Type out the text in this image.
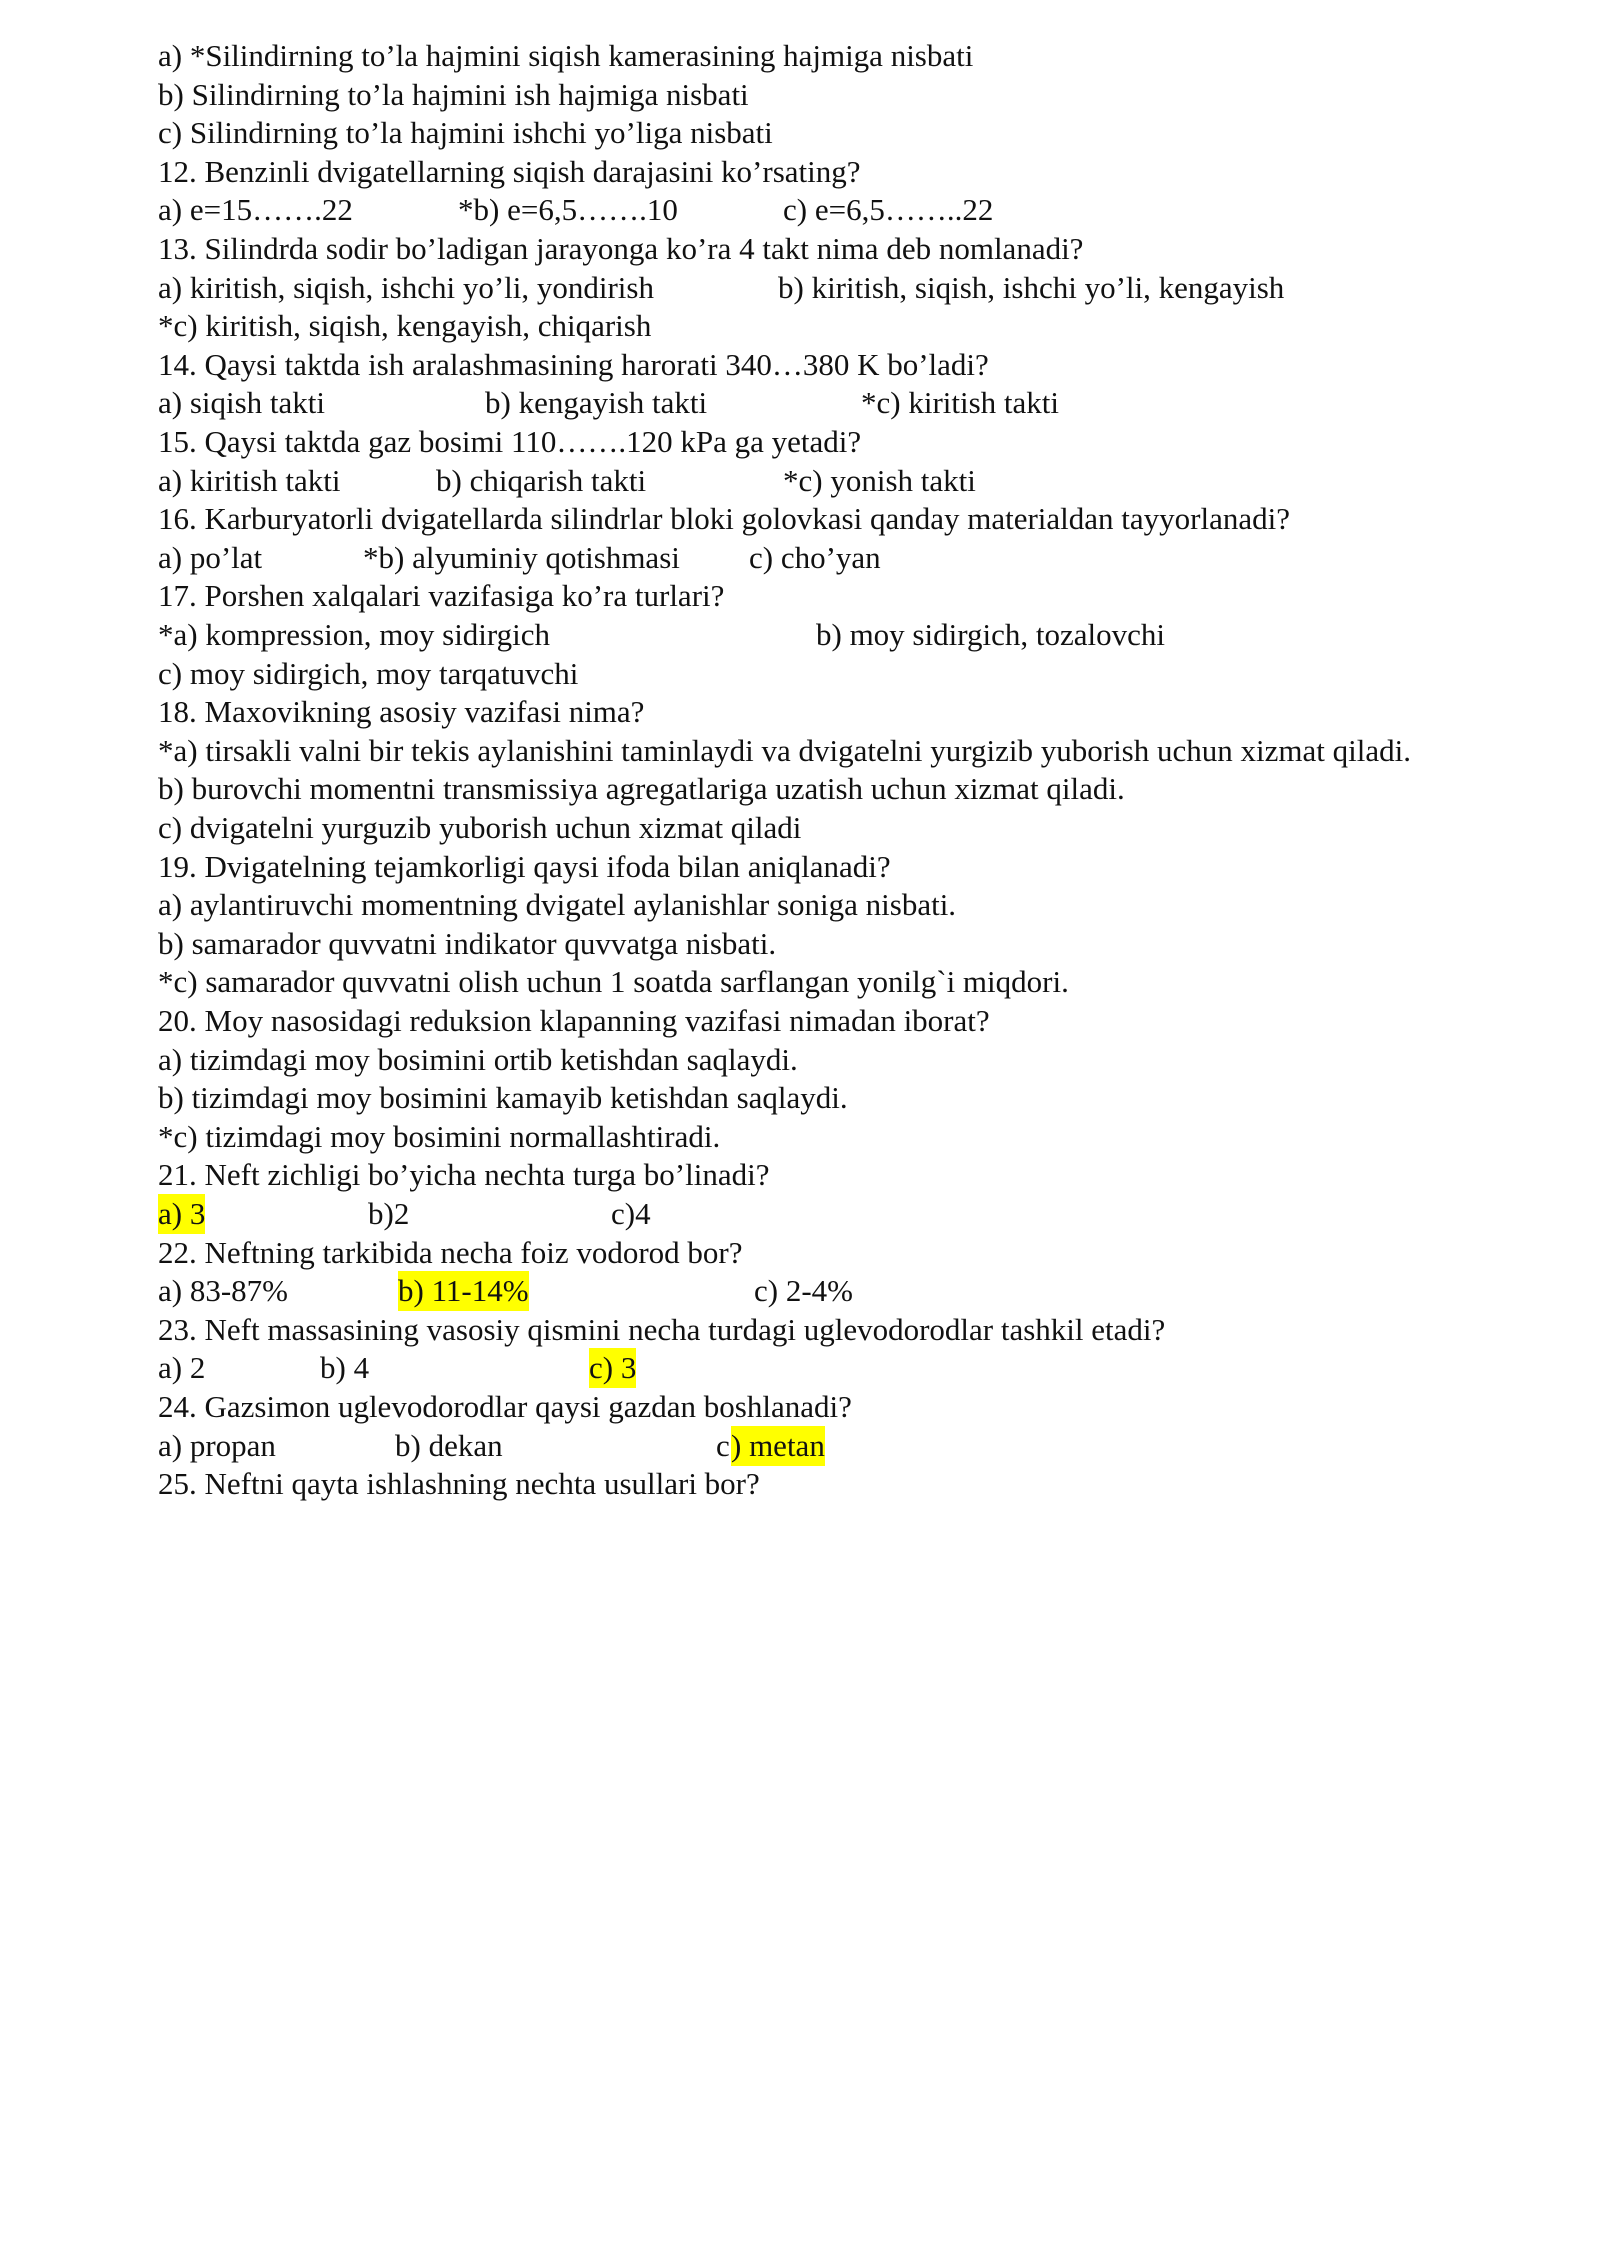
a) *Silindirning to’la hajmini siqish kamerasining hajmiga nisbati
b) Silindirning to’la hajmini ish hajmiga nisbati
c) Silindirning to’la hajmini ishchi yo’liga nisbati
12. Benzinli dvigatellarning siqish darajasini ko’rsating?
a) e=15…….22	*b) e=6,5…….10	c) e=6,5……..22
13. Silindrda sodir bo’ladigan jarayonga ko’ra 4 takt nima deb nomlanadi?
a) kiritish, siqish, ishchi yo’li, yondirish	b) kiritish, siqish, ishchi yo’li, kengayish
*c) kiritish, siqish, kengayish, chiqarish
14. Qaysi taktda ish aralashmasining harorati 340…380 K bo’ladi?
a) siqish takti	b) kengayish takti	*c) kiritish takti
15. Qaysi taktda gaz bosimi 110…….120 kPa ga yetadi?
a) kiritish takti	b) chiqarish takti	*c) yonish takti
16. Karburyatorli dvigatellarda silindrlar bloki golovkasi qanday materialdan tayyorlanadi?
a) po’lat	*b) alyuminiy qotishmasi c) cho’yan
17. Porshen xalqalari vazifasiga ko’ra turlari?
*a) kompression, moy sidirgich	b) moy sidirgich, tozalovchi
c) moy sidirgich, moy tarqatuvchi
18. Maxovikning asosiy vazifasi nima?
*a) tirsakli valni bir tekis aylanishini taminlaydi va dvigatelni yurgizib yuborish uchun xizmat qiladi.
b) burovchi momentni transmissiya agregatlariga uzatish uchun xizmat qiladi.
c) dvigatelni yurguzib yuborish uchun xizmat qiladi
19. Dvigatelning tejamkorligi qaysi ifoda bilan aniqlanadi?
a) aylantiruvchi momentning dvigatel aylanishlar soniga nisbati.
b) samarador quvvatni indikator quvvatga nisbati.
*c) samarador quvvatni olish uchun 1 soatda sarflangan yonilg`i miqdori.
20. Moy nasosidagi reduksion klapanning vazifasi nimadan iborat?
a) tizimdagi moy bosimini ortib ketishdan saqlaydi.
b) tizimdagi moy bosimini kamayib ketishdan saqlaydi.
*c) tizimdagi moy bosimini normallashtiradi.
21. Neft zichligi bo’yicha nechta turga bo’linadi?
a) 3	b)2	c)4
22. Neftning tarkibida necha foiz vodorod bor?
a) 83-87%	b) 11-14%	c) 2-4%
23. Neft massasining vasosiy qismini necha turdagi uglevodorodlar tashkil etadi?
a) 2	b) 4	c) 3
24. Gazsimon uglevodorodlar qaysi gazdan boshlanadi?
a) propan	b) dekan	c ) metan
25. Neftni qayta ishlashning nechta usullari bor?
